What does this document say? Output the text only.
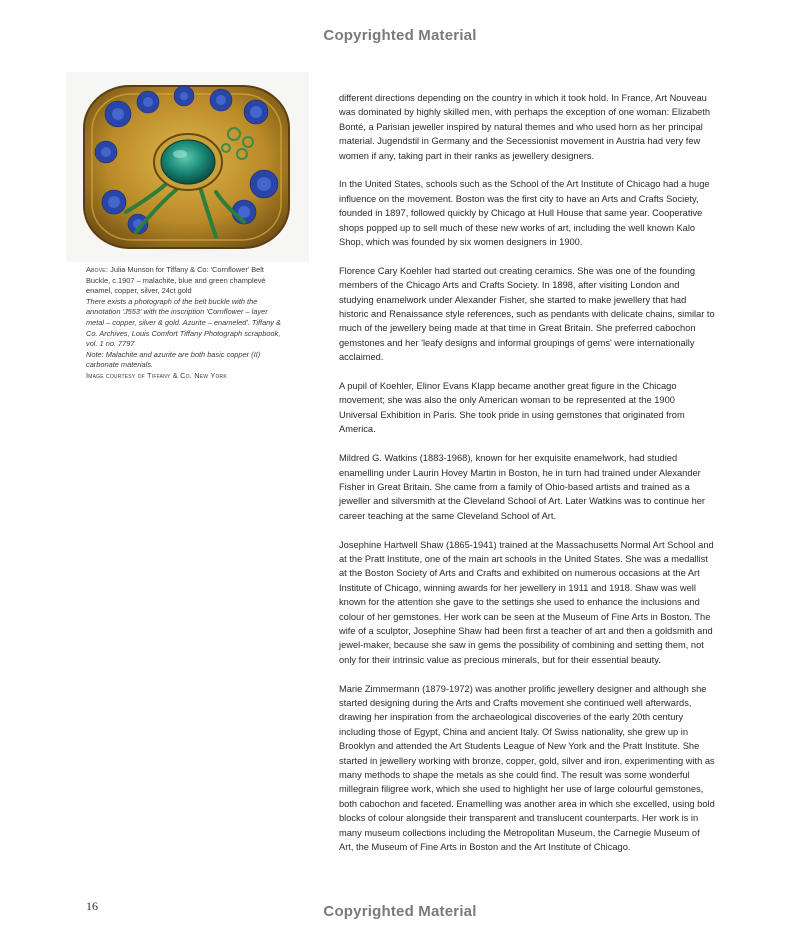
Copyrighted Material

Above: Julia Munson for Tiffany & Co: 'Cornflower' Belt Buckle, c.1907 – malachite, blue and green champlevé enamel, copper, silver, 24ct gold

There exists a photograph of the belt buckle with the annotation 'J553' with the inscription 'Cornflower – layer metal – copper, silver & gold. Azurite – enameled'. Tiffany & Co. Archives, Louis Comfort Tiffany Photograph scrapbook, vol. 1 no. 7797

Note: Malachite and azurite are both basic copper (II) carbonate materials.

Image courtesy of Tiffany & Co. New York

different directions depending on the country in which it took hold. In France, Art Nouveau was dominated by highly skilled men, with perhaps the exception of one woman: Elizabeth Bonté, a Parisian jeweller inspired by natural themes and who used horn as her principal material. Jugendstil in Germany and the Secessionist movement in Austria had very few women if any, taking part in their ranks as jewellery designers.

In the United States, schools such as the School of the Art Institute of Chicago had a huge influence on the movement. Boston was the first city to have an Arts and Crafts Society, founded in 1897, followed quickly by Chicago at Hull House that same year. Cooperative shops popped up to sell much of these new works of art, including the well known Kalo Shop, which was founded by six women designers in 1900.

Florence Cary Koehler had started out creating ceramics. She was one of the founding members of the Chicago Arts and Crafts Society. In 1898, after visiting London and studying enamelwork under Alexander Fisher, she started to make jewellery that had historic and Renaissance style references, such as pendants with delicate chains, similar to much of the jewellery being made at that time in Great Britain. She preferred cabochon gemstones and her 'leafy designs and informal groupings of gems' were internationally acclaimed.

A pupil of Koehler, Elinor Evans Klapp became another great figure in the Chicago movement; she was also the only American woman to be represented at the 1900 Universal Exhibition in Paris. She took pride in using gemstones that originated from America.

Mildred G. Watkins (1883-1968), known for her exquisite enamelwork, had studied enamelling under Laurin Hovey Martin in Boston, he in turn had trained under Alexander Fisher in Great Britain. She came from a family of Ohio-based artists and trained as a jeweller and silversmith at the Cleveland School of Art. Later Watkins was to continue her career teaching at the same Cleveland School of Art.

Josephine Hartwell Shaw (1865-1941) trained at the Massachusetts Normal Art School and at the Pratt Institute, one of the main art schools in the United States. She was a medallist at the Boston Society of Arts and Crafts and exhibited on numerous occasions at the Art Institute of Chicago, winning awards for her jewellery in 1911 and 1918. Shaw was well known for the attention she gave to the settings she used to enhance the inclusions and colour of her gemstones. Her work can be seen at the Museum of Fine Arts in Boston. The wife of a sculptor, Josephine Shaw had been first a teacher of art and then a goldsmith and jewel-maker, because she saw in gems the possibility of combining and setting them, not only for their intrinsic value as precious minerals, but for their essential beauty.

Marie Zimmermann (1879-1972) was another prolific jewellery designer and although she started designing during the Arts and Crafts movement she continued well afterwards, drawing her inspiration from the archaeological discoveries of the early 20th century including those of Egypt, China and ancient Italy. Of Swiss nationality, she grew up in Brooklyn and attended the Art Students League of New York and the Pratt Institute. She started in jewellery working with bronze, copper, gold, silver and iron, experimenting with as many methods to shape the metals as she could find. The result was some wonderful millegrain filigree work, which she used to highlight her use of large colourful gemstones, both cabochon and faceted. Enamelling was another area in which she excelled, using bold blocks of colour alongside their transparent and translucent counterparts. Her work is in many museum collections including the Metropolitan Museum, the Carnegie Museum of Art, the Museum of Fine Arts in Boston and the Art Institute of Chicago.

16	Copyrighted Material
